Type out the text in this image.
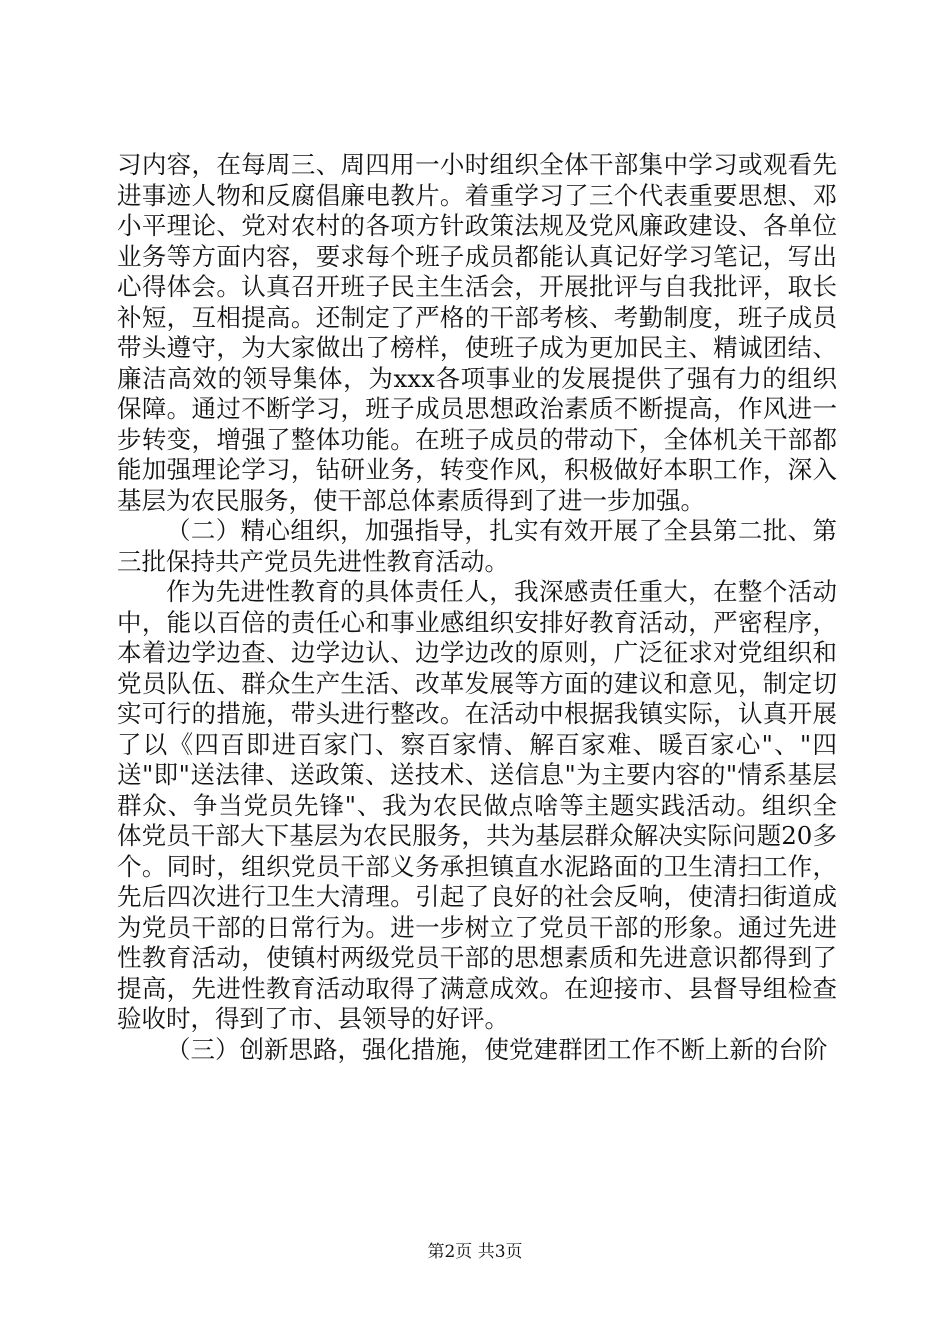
习内容，在每周三、周四用一小时组织全体干部集中学习或观看先进事迹人物和反腐倡廉电教片。着重学习了三个代表重要思想、邓小平理论、党对农村的各项方针政策法规及党风廉政建设、各单位业务等方面内容，要求每个班子成员都能认真记好学习笔记，写出心得体会。认真召开班子民主生活会，开展批评与自我批评，取长补短，互相提高。还制定了严格的干部考核、考勤制度，班子成员带头遵守，为大家做出了榜样，使班子成为更加民主、精诚团结、廉洁高效的领导集体，为xxx各项事业的发展提供了强有力的组织保障。通过不断学习，班子成员思想政治素质不断提高，作风进一步转变，增强了整体功能。在班子成员的带动下，全体机关干部都能加强理论学习，钻研业务，转变作风，积极做好本职工作，深入基层为农民服务，使干部总体素质得到了进一步加强。

（二）精心组织，加强指导，扎实有效开展了全县第二批、第三批保持共产党员先进性教育活动。

作为先进性教育的具体责任人，我深感责任重大，在整个活动中，能以百倍的责任心和事业感组织安排好教育活动，严密程序，本着边学边查、边学边认、边学边改的原则，广泛征求对党组织和党员队伍、群众生产生活、改革发展等方面的建议和意见，制定切实可行的措施，带头进行整改。在活动中根据我镇实际，认真开展了以《四百即进百家门、察百家情、解百家难、暖百家心"、"四送"即"送法律、送政策、送技术、送信息"为主要内容的"情系基层群众、争当党员先锋"、我为农民做点啥等主题实践活动。组织全体党员干部大下基层为农民服务，共为基层群众解决实际问题20多个。同时，组织党员干部义务承担镇直水泥路面的卫生清扫工作，先后四次进行卫生大清理。引起了良好的社会反响，使清扫街道成为党员干部的日常行为。进一步树立了党员干部的形象。通过先进性教育活动，使镇村两级党员干部的思想素质和先进意识都得到了提高，先进性教育活动取得了满意成效。在迎接市、县督导组检查验收时，得到了市、县领导的好评。

（三）创新思路，强化措施，使党建群团工作不断上新的台阶

第2页 共3页
